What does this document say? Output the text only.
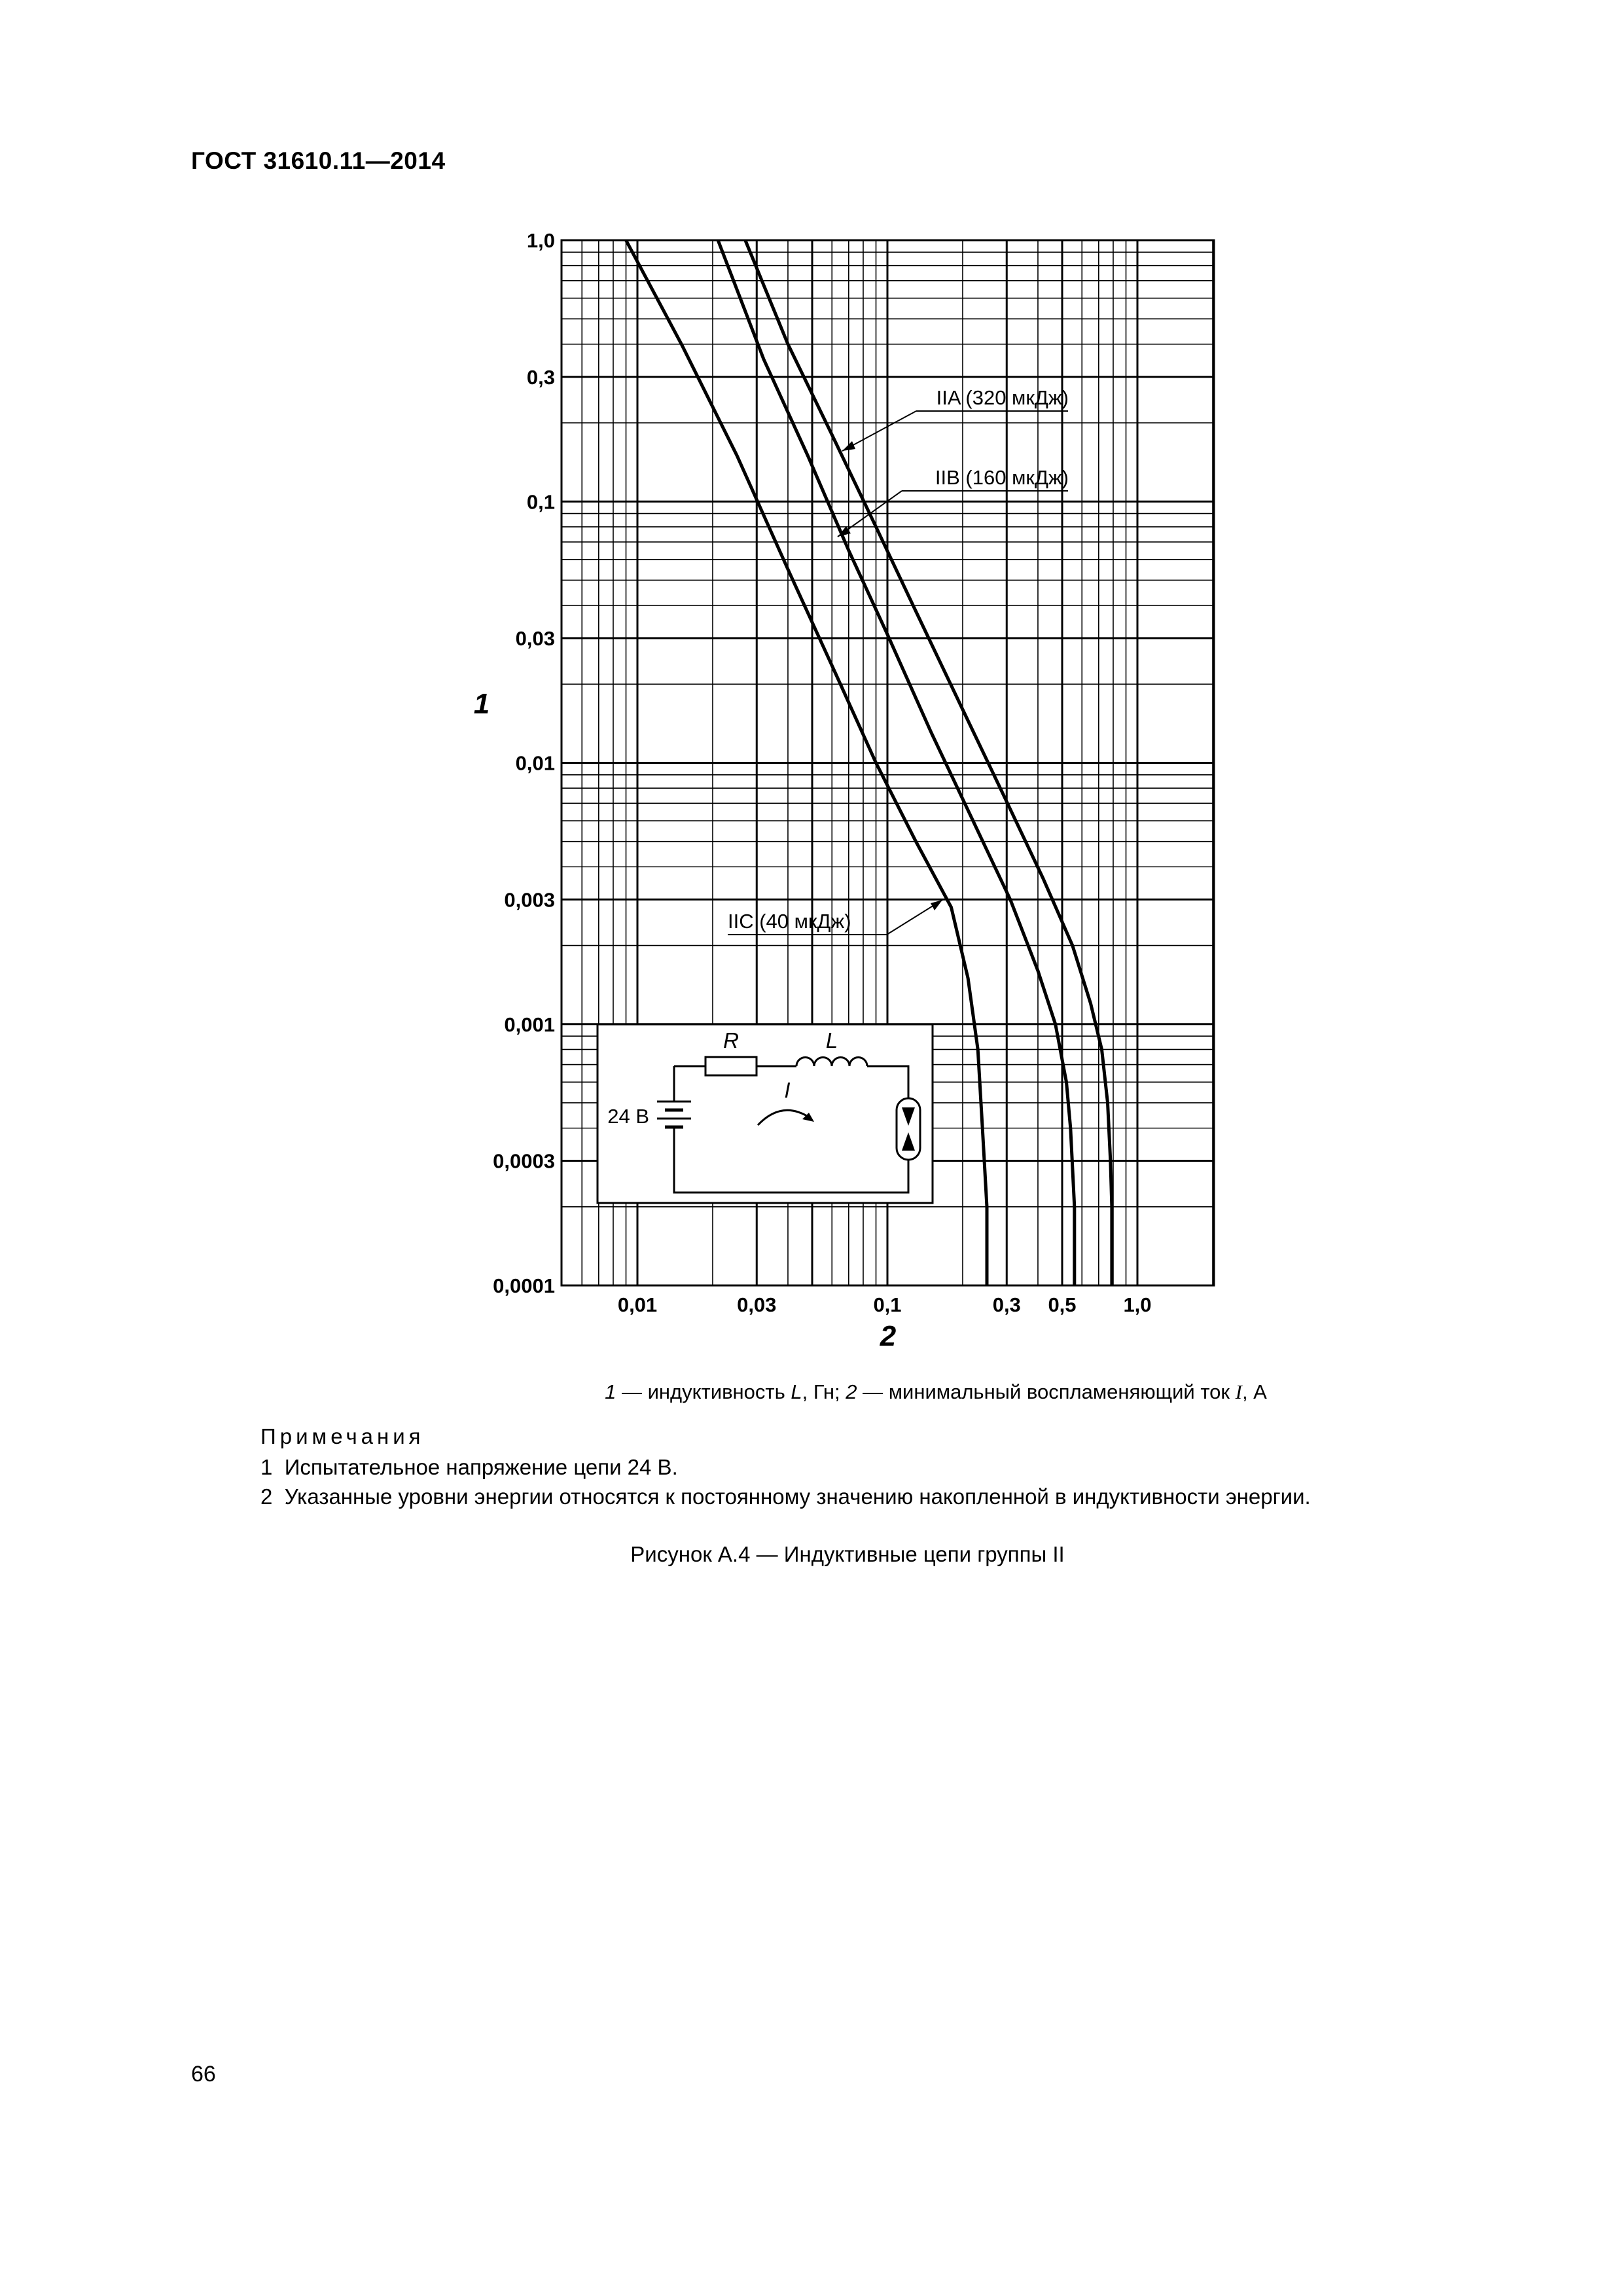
ГОСТ 31610.11—2014
0,01	0,03	0,1	0,3 0,5 1,0
1,0
0,3
0,1
0,03
0,01
0,003
0,001
0,0003
0,0001
1
2
IIA (320 мкДж)
IIB (160 мкДж)
IIC (40 мкДж)
R	L
24 В
I
1 — индуктивность L, Гн; 2 — минимальный воспламеняющий ток I, А
Примечания
1  Испытательное напряжение цепи 24 В.
2  Указанные уровни энергии относятся к постоянному значению накопленной в индуктивности энергии.
Рисунок А.4 — Индуктивные цепи группы II
66
